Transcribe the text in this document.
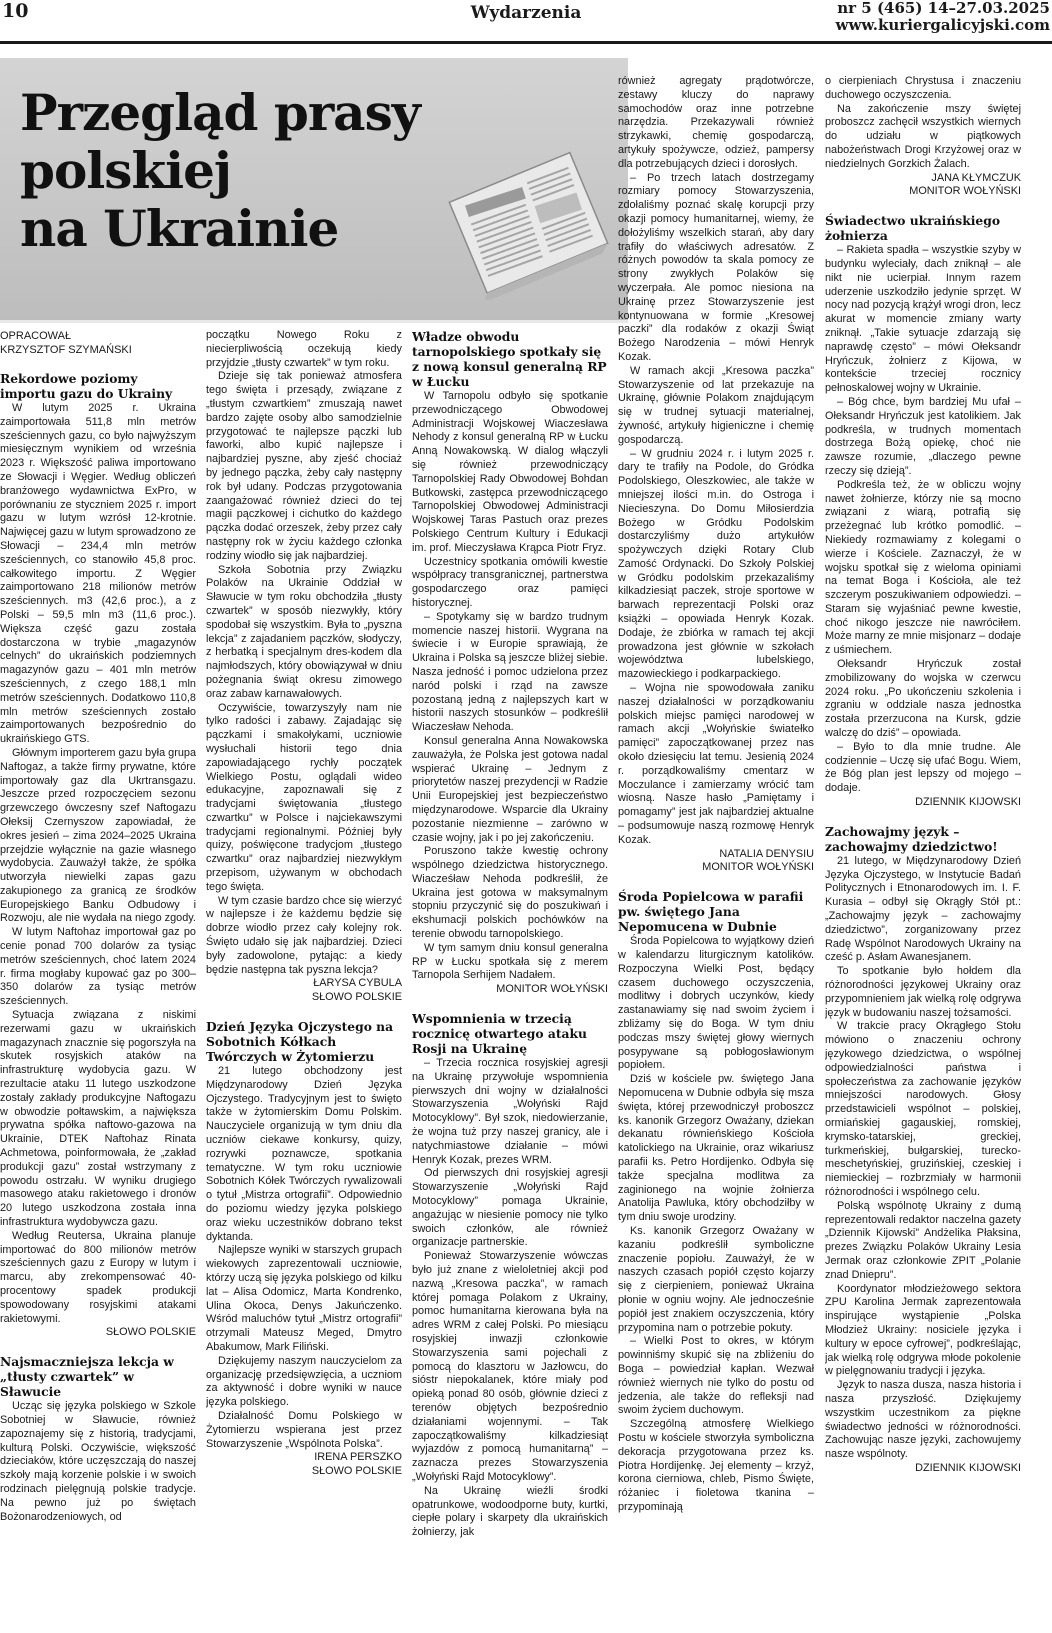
10	Wydarzenia	nr 5 (465) 14–27.03.2025
www.kuriergalicyjski.com
Przegląd prasy
polskiej
na Ukrainie
OPRACOWAŁ
KRZYSZTOF SZYMAŃSKI
Rekordowe poziomy importu gazu do Ukrainy

W lutym 2025 r. Ukraina zaimportowała 511,8 mln metrów sześciennych gazu, co było najwyższym miesięcznym wynikiem od września 2023 r. Większość paliwa importowano ze Słowacji i Węgier. Według obliczeń branżowego wydawnictwa ExPro, w porównaniu ze styczniem 2025 r. import gazu w lutym wzrósł 12-krotnie. Najwięcej gazu w lutym sprowadzono ze Słowacji – 234,4 mln metrów sześciennych, co stanowiło 45,8 proc. całkowitego importu. Z Węgier zaimportowano 218 milionów metrów sześciennych. m3 (42,6 proc.), a z Polski – 59,5 mln m3 (11,6 proc.). Większa część gazu została dostarczona w trybie „magazynów celnych” do ukraińskich podziemnych magazynów gazu – 401 mln metrów sześciennych, z czego 188,1 mln metrów sześciennych. Dodatkowo 110,8 mln metrów sześciennych zostało zaimportowanych bezpośrednio do ukraińskiego GTS.

Głównym importerem gazu była grupa Naftogaz, a także firmy prywatne, które importowały gaz dla Ukrtransgazu. Jeszcze przed rozpoczęciem sezonu grzewczego ówczesny szef Naftogazu Ołeksij Czernyszow zapowiadał, że okres jesień – zima 2024–2025 Ukraina przejdzie wyłącznie na gazie własnego wydobycia. Zauważył także, że spółka utworzyła niewielki zapas gazu zakupionego za granicą ze środków Europejskiego Banku Odbudowy i Rozwoju, ale nie wydała na niego zgody.

W lutym Naftohaz importował gaz po cenie ponad 700 dolarów za tysiąc metrów sześciennych, choć latem 2024 r. firma mogłaby kupować gaz po 300–350 dolarów za tysiąc metrów sześciennych.

Sytuacja związana z niskimi rezerwami gazu w ukraińskich magazynach znacznie się pogorszyła na skutek rosyjskich ataków na infrastrukturę wydobycia gazu. W rezultacie ataku 11 lutego uszkodzone zostały zakłady produkcyjne Naftogazu w obwodzie połtawskim, a największa prywatna spółka naftowo-gazowa na Ukrainie, DTEK Naftohaz Rinata Achmetowa, poinformowała, że „zakład produkcji gazu” został wstrzymany z powodu ostrzału. W wyniku drugiego masowego ataku rakietowego i dronów 20 lutego uszkodzona została inna infrastruktura wydobywcza gazu.

Według Reutersa, Ukraina planuje importować do 800 milionów metrów sześciennych gazu z Europy w lutym i marcu, aby zrekompensować 40-procentowy spadek produkcji spowodowany rosyjskimi atakami rakietowymi.

SŁOWO POLSKIE
Najsmaczniejsza lekcja w „tłusty czwartek” w Sławucie

Ucząc się języka polskiego w Szkole Sobotniej w Sławucie, również zapoznajemy się z historią, tradycjami, kulturą Polski. Oczywiście, większość dzieciaków, które uczęszczają do naszej szkoły mają korzenie polskie i w swoich rodzinach pielęgnują polskie tradycje. Na pewno już po świętach Bożonarodzeniowych, od

początku Nowego Roku z niecierpliwością oczekują kiedy przyjdzie „tłusty czwartek” w tym roku.

Dzieje się tak ponieważ atmosfera tego święta i przesądy, związane z „tłustym czwartkiem” zmuszają nawet bardzo zajęte osoby albo samodzielnie przygotować te najlepsze pączki lub faworki, albo kupić najlepsze i najbardziej pyszne, aby zjeść chociaż by jednego pączka, żeby cały następny rok był udany. Podczas przygotowania zaangażować również dzieci do tej magii pączkowej i cichutko do każdego pączka dodać orzeszek, żeby przez cały następny rok w życiu każdego członka rodziny wiodło się jak najbardziej.

Szkoła Sobotnia przy Związku Polaków na Ukrainie Oddział w Sławucie w tym roku obchodziła „tłusty czwartek” w sposób niezwykły, który spodobał się wszystkim. Była to „pyszna lekcja” z zajadaniem pączków, słodyczy, z herbatką i specjalnym dres-kodem dla najmłodszych, który obowiązywał w dniu pożegnania świąt okresu zimowego oraz zabaw karnawałowych.

Oczywiście, towarzyszyły nam nie tylko radości i zabawy. Zajadając się pączkami i smakołykami, uczniowie wysłuchali historii tego dnia zapowiadającego rychły początek Wielkiego Postu, oglądali wideo edukacyjne, zapoznawali się z tradycjami świętowania „tłustego czwartku” w Polsce i najciekawszymi tradycjami regionalnymi. Później były quizy, poświęcone tradycjom „tłustego czwartku” oraz najbardziej niezwykłym przepisom, używanym w obchodach tego święta.

W tym czasie bardzo chce się wierzyć w najlepsze i że każdemu będzie się dobrze wiodło przez cały kolejny rok. Święto udało się jak najbardziej. Dzieci były zadowolone, pytając: a kiedy będzie następna tak pyszna lekcja?

ŁARYSA CYBULA
SŁOWO POLSKIE
Dzień Języka Ojczystego na Sobotnich Kółkach Twórczych w Żytomierzu

21 lutego obchodzony jest Międzynarodowy Dzień Języka Ojczystego. Tradycyjnym jest to święto także w żytomierskim Domu Polskim. Nauczyciele organizują w tym dniu dla uczniów ciekawe konkursy, quizy, rozrywki poznawcze, spotkania tematyczne. W tym roku uczniowie Sobotnich Kółek Twórczych rywalizowali o tytuł „Mistrza ortografii”. Odpowiednio do poziomu wiedzy języka polskiego oraz wieku uczestników dobrano tekst dyktanda.

Najlepsze wyniki w starszych grupach wiekowych zaprezentowali uczniowie, którzy uczą się języka polskiego od kilku lat – Alisa Odomicz, Marta Kondrenko, Ulina Okoca, Denys Jakuńczenko. Wśród maluchów tytuł „Mistrz ortografii” otrzymali Mateusz Meged, Dmytro Abakumow, Mark Filiński.

Dziękujemy naszym nauczycielom za organizację przedsięwzięcia, a uczniom za aktywność i dobre wyniki w nauce języka polskiego.

Działalność Domu Polskiego w Żytomierzu wspierana jest przez Stowarzyszenie „Wspólnota Polska”.

IRENA PERSZKO
SŁOWO POLSKIE
Władze obwodu tarnopolskiego spotkały się z nową konsul generalną RP w Łucku

W Tarnopolu odbyło się spotkanie przewodniczącego Obwodowej Administracji Wojskowej Wiaczesława Nehody z konsul generalną RP w Łucku Anną Nowakowską. W dialog włączyli się również przewodniczący Tarnopolskiej Rady Obwodowej Bohdan Butkowski, zastępca przewodniczącego Tarnopolskiej Obwodowej Administracji Wojskowej Taras Pastuch oraz prezes Polskiego Centrum Kultury i Edukacji im. prof. Mieczysława Krąpca Piotr Fryz.

Uczestnicy spotkania omówili kwestie współpracy transgranicznej, partnerstwa gospodarczego oraz pamięci historycznej.

– Spotykamy się w bardzo trudnym momencie naszej historii. Wygrana na świecie i w Europie sprawiają, że Ukraina i Polska są jeszcze bliżej siebie. Nasza jedność i pomoc udzielona przez naród polski i rząd na zawsze pozostaną jedną z najlepszych kart w historii naszych stosunków – podkreślił Wiaczesław Nehoda.

Konsul generalna Anna Nowakowska zauważyła, że Polska jest gotowa nadal wspierać Ukrainę – Jednym z priorytetów naszej prezydencji w Radzie Unii Europejskiej jest bezpieczeństwo międzynarodowe. Wsparcie dla Ukrainy pozostanie niezmienne – zarówno w czasie wojny, jak i po jej zakończeniu.

Poruszono także kwestię ochrony wspólnego dziedzictwa historycznego. Wiacześław Nehoda podkreślił, że Ukraina jest gotowa w maksymalnym stopniu przyczynić się do poszukiwań i ekshumacji polskich pochówków na terenie obwodu tarnopolskiego.

W tym samym dniu konsul generalna RP w Łucku spotkała się z merem Tarnopola Serhijem Nadałem.

MONITOR WOŁYŃSKI
Wspomnienia w trzecią rocznicę otwartego ataku Rosji na Ukrainę

– Trzecia rocznica rosyjskiej agresji na Ukrainę przywołuje wspomnienia pierwszych dni wojny w działalności Stowarzyszenia „Wołyński Rajd Motocyklowy”. Był szok, niedowierzanie, że wojna tuż przy naszej granicy, ale i natychmiastowe działanie – mówi Henryk Kozak, prezes WRM.

Od pierwszych dni rosyjskiej agresji Stowarzyszenie „Wołyński Rajd Motocyklowy” pomaga Ukrainie, angażując w niesienie pomocy nie tylko swoich członków, ale również organizacje partnerskie.

Ponieważ Stowarzyszenie wówczas było już znane z wieloletniej akcji pod nazwą „Kresowa paczka”, w ramach której pomaga Polakom z Ukrainy, pomoc humanitarna kierowana była na adres WRM z całej Polski. Po miesiącu rosyjskiej inwazji członkowie Stowarzyszenia sami pojechali z pomocą do klasztoru w Jazłowcu, do sióstr niepokalanek, które miały pod opieką ponad 80 osób, głównie dzieci z terenów objętych bezpośrednio działaniami wojennymi. – Tak zapoczątkowaliśmy kilkadziesiąt wyjazdów z pomocą humanitarną” – zaznacza prezes Stowarzyszenia „Wołyński Rajd Motocyklowy”.

Na Ukrainę wieźli środki opatrunkowe, wodoodporne buty, kurtki, ciepłe polary i skarpety dla ukraińskich żołnierzy, jak

również agregaty prądotwórcze, zestawy kluczy do naprawy samochodów oraz inne potrzebne narzędzia. Przekazywali również strzykawki, chemię gospodarczą, artykuły spożywcze, odzież, pampersy dla potrzebujących dzieci i dorosłych.

– Po trzech latach dostrzegamy rozmiary pomocy Stowarzyszenia, zdołaliśmy poznać skalę korupcji przy okazji pomocy humanitarnej, wiemy, że dołożyliśmy wszelkich starań, aby dary trafiły do właściwych adresatów. Z różnych powodów ta skala pomocy ze strony zwykłych Polaków się wyczerpała. Ale pomoc niesiona na Ukrainę przez Stowarzyszenie jest kontynuowana w formie „Kresowej paczki” dla rodaków z okazji Świąt Bożego Narodzenia – mówi Henryk Kozak.

W ramach akcji „Kresowa paczka” Stowarzyszenie od lat przekazuje na Ukrainę, głównie Polakom znajdującym się w trudnej sytuacji materialnej, żywność, artykuły higieniczne i chemię gospodarczą.

– W grudniu 2024 r. i lutym 2025 r. dary te trafiły na Podole, do Gródka Podolskiego, Oleszkowiec, ale także w mniejszej ilości m.in. do Ostroga i Niecieszyna. Do Domu Miłosierdzia Bożego w Gródku Podolskim dostarczyliśmy dużo artykułów spożywczych dzięki Rotary Club Zamość Ordynacki. Do Szkoły Polskiej w Gródku podolskim przekazaliśmy kilkadziesiąt paczek, stroje sportowe w barwach reprezentacji Polski oraz książki – opowiada Henryk Kozak. Dodaje, że zbiórka w ramach tej akcji prowadzona jest głównie w szkołach województwa lubelskiego, mazowieckiego i podkarpackiego.

– Wojna nie spowodowała zaniku naszej działalności w porządkowaniu polskich miejsc pamięci narodowej w ramach akcji „Wołyńskie światełko pamięci” zapoczątkowanej przez nas około dziesięciu lat temu. Jesienią 2024 r. porządkowaliśmy cmentarz w Moczulance i zamierzamy wrócić tam wiosną. Nasze hasło „Pamiętamy i pomagamy” jest jak najbardziej aktualne – podsumowuje naszą rozmowę Henryk Kozak.

NATALIA DENYSIU
MONITOR WOŁYŃSKI
Środa Popielcowa w parafii pw. świętego Jana Nepomucena w Dubnie

Środa Popielcowa to wyjątkowy dzień w kalendarzu liturgicznym katolików. Rozpoczyna Wielki Post, będący czasem duchowego oczyszczenia, modlitwy i dobrych uczynków, kiedy zastanawiamy się nad swoim życiem i zbliżamy się do Boga. W tym dniu podczas mszy świętej głowy wiernych posypywane są pobłogosławionym popiołem.

Dziś w kościele pw. świętego Jana Nepomucena w Dubnie odbyła się msza święta, której przewodniczył proboszcz ks. kanonik Grzegorz Oważany, dziekan dekanatu równieńskiego Kościoła katolickiego na Ukrainie, oraz wikariusz parafii ks. Petro Hordijenko. Odbyła się także specjalna modlitwa za zaginionego na wojnie żołnierza Anatolija Pawluka, który obchodziłby w tym dniu swoje urodziny.

Ks. kanonik Grzegorz Oważany w kazaniu podkreślił symboliczne znaczenie popiołu. Zauważył, że w naszych czasach popiół często kojarzy się z cierpieniem, ponieważ Ukraina płonie w ogniu wojny. Ale jednocześnie popiół jest znakiem oczyszczenia, który przypomina nam o potrzebie pokuty.

– Wielki Post to okres, w którym powinniśmy skupić się na zbliżeniu do Boga – powiedział kapłan. Wezwał również wiernych nie tylko do postu od jedzenia, ale także do refleksji nad swoim życiem duchowym.

Szczególną atmosferę Wielkiego Postu w kościele stworzyła symboliczna dekoracja przygotowana przez ks. Piotra Hordijenkę. Jej elementy – krzyż, korona cierniowa, chleb, Pismo Święte, różaniec i fioletowa tkanina – przypominają

o cierpieniach Chrystusa i znaczeniu duchowego oczyszczenia.

Na zakończenie mszy świętej proboszcz zachęcił wszystkich wiernych do udziału w piątkowych nabożeństwach Drogi Krzyżowej oraz w niedzielnych Gorzkich Żalach.

JANA KŁYMCZUK
MONITOR WOŁYŃSKI
Świadectwo ukraińskiego żołnierza

– Rakieta spadła – wszystkie szyby w budynku wyleciały, dach zniknął – ale nikt nie ucierpiał. Innym razem uderzenie uszkodziło jedynie sprzęt. W nocy nad pozycją krążył wrogi dron, lecz akurat w momencie zmiany warty zniknął. „Takie sytuacje zdarzają się naprawdę często” – mówi Ołeksandr Hryńczuk, żołnierz z Kijowa, w kontekście trzeciej rocznicy pełnoskalowej wojny w Ukrainie.

– Bóg chce, bym bardziej Mu ufał – Ołeksandr Hryńczuk jest katolikiem. Jak podkreśla, w trudnych momentach dostrzega Bożą opiekę, choć nie zawsze rozumie, „dlaczego pewne rzeczy się dzieją”.

Podkreśla też, że w obliczu wojny nawet żołnierze, którzy nie są mocno związani z wiarą, potrafią się przeżegnać lub krótko pomodlić. – Niekiedy rozmawiamy z kolegami o wierze i Kościele. Zaznaczył, że w wojsku spotkał się z wieloma opiniami na temat Boga i Kościoła, ale też szczerym poszukiwaniem odpowiedzi. – Staram się wyjaśniać pewne kwestie, choć nikogo jeszcze nie nawróciłem. Może marny ze mnie misjonarz – dodaje z uśmiechem.

Ołeksandr Hryńczuk został zmobilizowany do wojska w czerwcu 2024 roku. „Po ukończeniu szkolenia i zgraniu w oddziale nasza jednostka została przerzucona na Kursk, gdzie walczę do dziś” – opowiada.

– Było to dla mnie trudne. Ale codziennie – Uczę się ufać Bogu. Wiem, że Bóg plan jest lepszy od mojego – dodaje.

DZIENNIK KIJOWSKI
Zachowajmy język – zachowajmy dziedzictwo!

21 lutego, w Międzynarodowy Dzień Języka Ojczystego, w Instytucie Badań Politycznych i Etnonarodowych im. I. F. Kurasia – odbył się Okrągły Stół pt.: „Zachowajmy język – zachowajmy dziedzictwo”, zorganizowany przez Radę Wspólnot Narodowych Ukrainy na cześć p. Asłam Awanesjanem.

To spotkanie było hołdem dla różnorodności językowej Ukrainy oraz przypomnieniem jak wielką rolę odgrywa język w budowaniu naszej tożsamości.

W trakcie pracy Okrągłego Stołu mówiono o znaczeniu ochrony językowego dziedzictwa, o wspólnej odpowiedzialności państwa i społeczeństwa za zachowanie języków mniejszości narodowych. Głosy przedstawicieli wspólnot – polskiej, ormiańskiej gagauskiej, romskiej, krymsko-tatarskiej, greckiej, turkmeńskiej, bułgarskiej, turecko-meschetyńskiej, gruzińskiej, czeskiej i niemieckiej – rozbrzmiały w harmonii różnorodności i wspólnego celu.

Polską wspólnotę Ukrainy z dumą reprezentowali redaktor naczelna gazety „Dziennik Kijowski” Andżelika Płaksina, prezes Związku Polaków Ukrainy Lesia Jermak oraz członkowie ZPIT „Polanie znad Dniepru”.

Koordynator młodzieżowego sektora ZPU Karolina Jermak zaprezentowała inspirujące wystąpienie „Polska Młodzież Ukrainy: nosiciele języka i kultury w epoce cyfrowej”, podkreślając, jak wielką rolę odgrywa młode pokolenie w pielęgnowaniu tradycji i języka.

Język to nasza dusza, nasza historia i nasza przyszłość. Dziękujemy wszystkim uczestnikom za piękne świadectwo jedności w różnorodności. Zachowując nasze języki, zachowujemy nasze wspólnoty.

DZIENNIK KIJOWSKI
